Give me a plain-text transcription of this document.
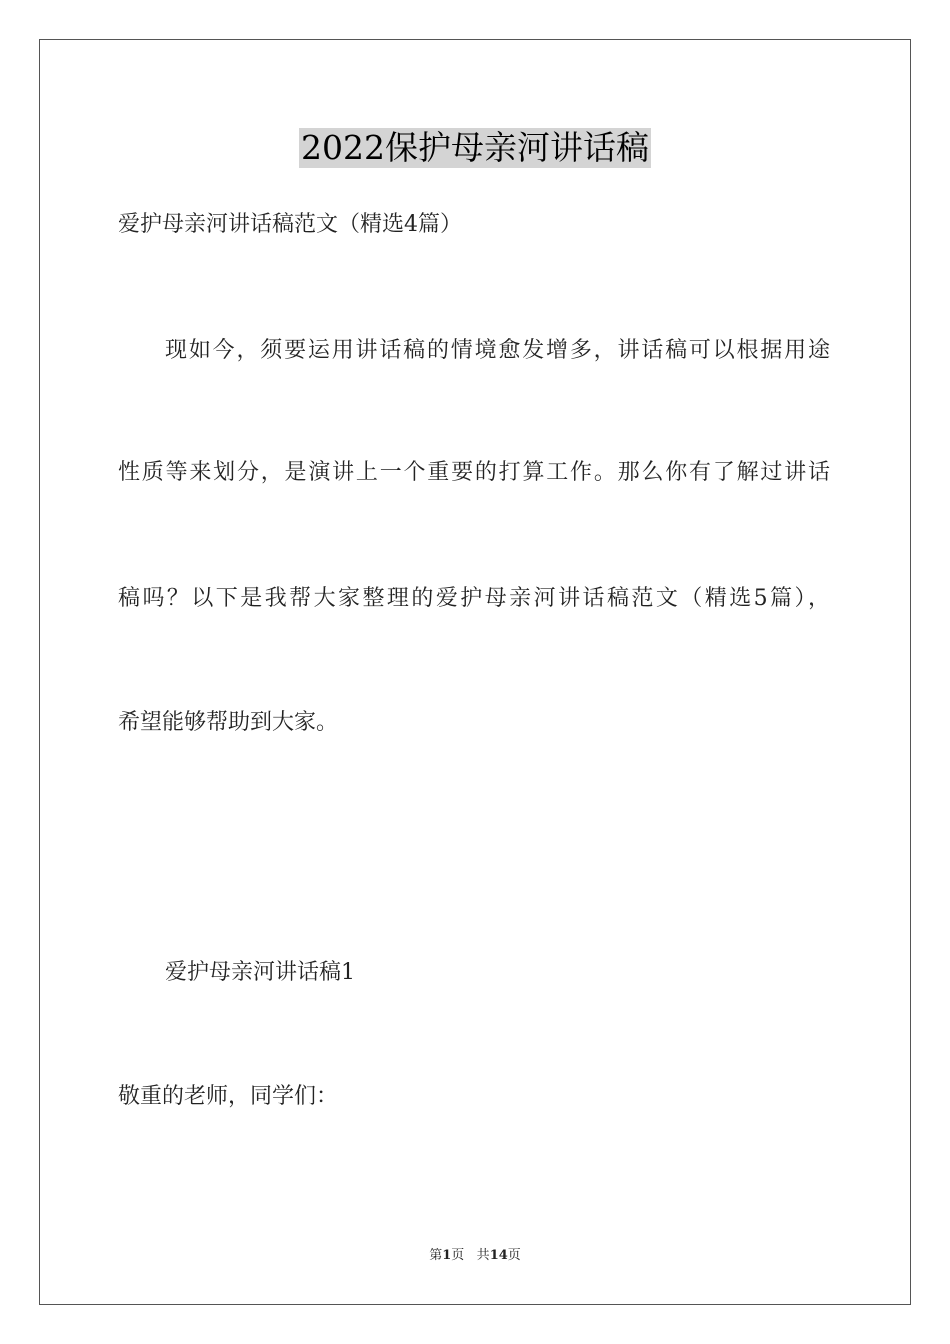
2022保护母亲河讲话稿
爱护母亲河讲话稿范文（精选4篇）
现如今，须要运用讲话稿的情境愈发增多，讲话稿可以根据用途
性质等来划分，是演讲上一个重要的打算工作。那么你有了解过讲话
稿吗？以下是我帮大家整理的爱护母亲河讲话稿范文（精选5篇），
希望能够帮助到大家。
爱护母亲河讲话稿1
敬重的老师，同学们：
第1页 共14页
